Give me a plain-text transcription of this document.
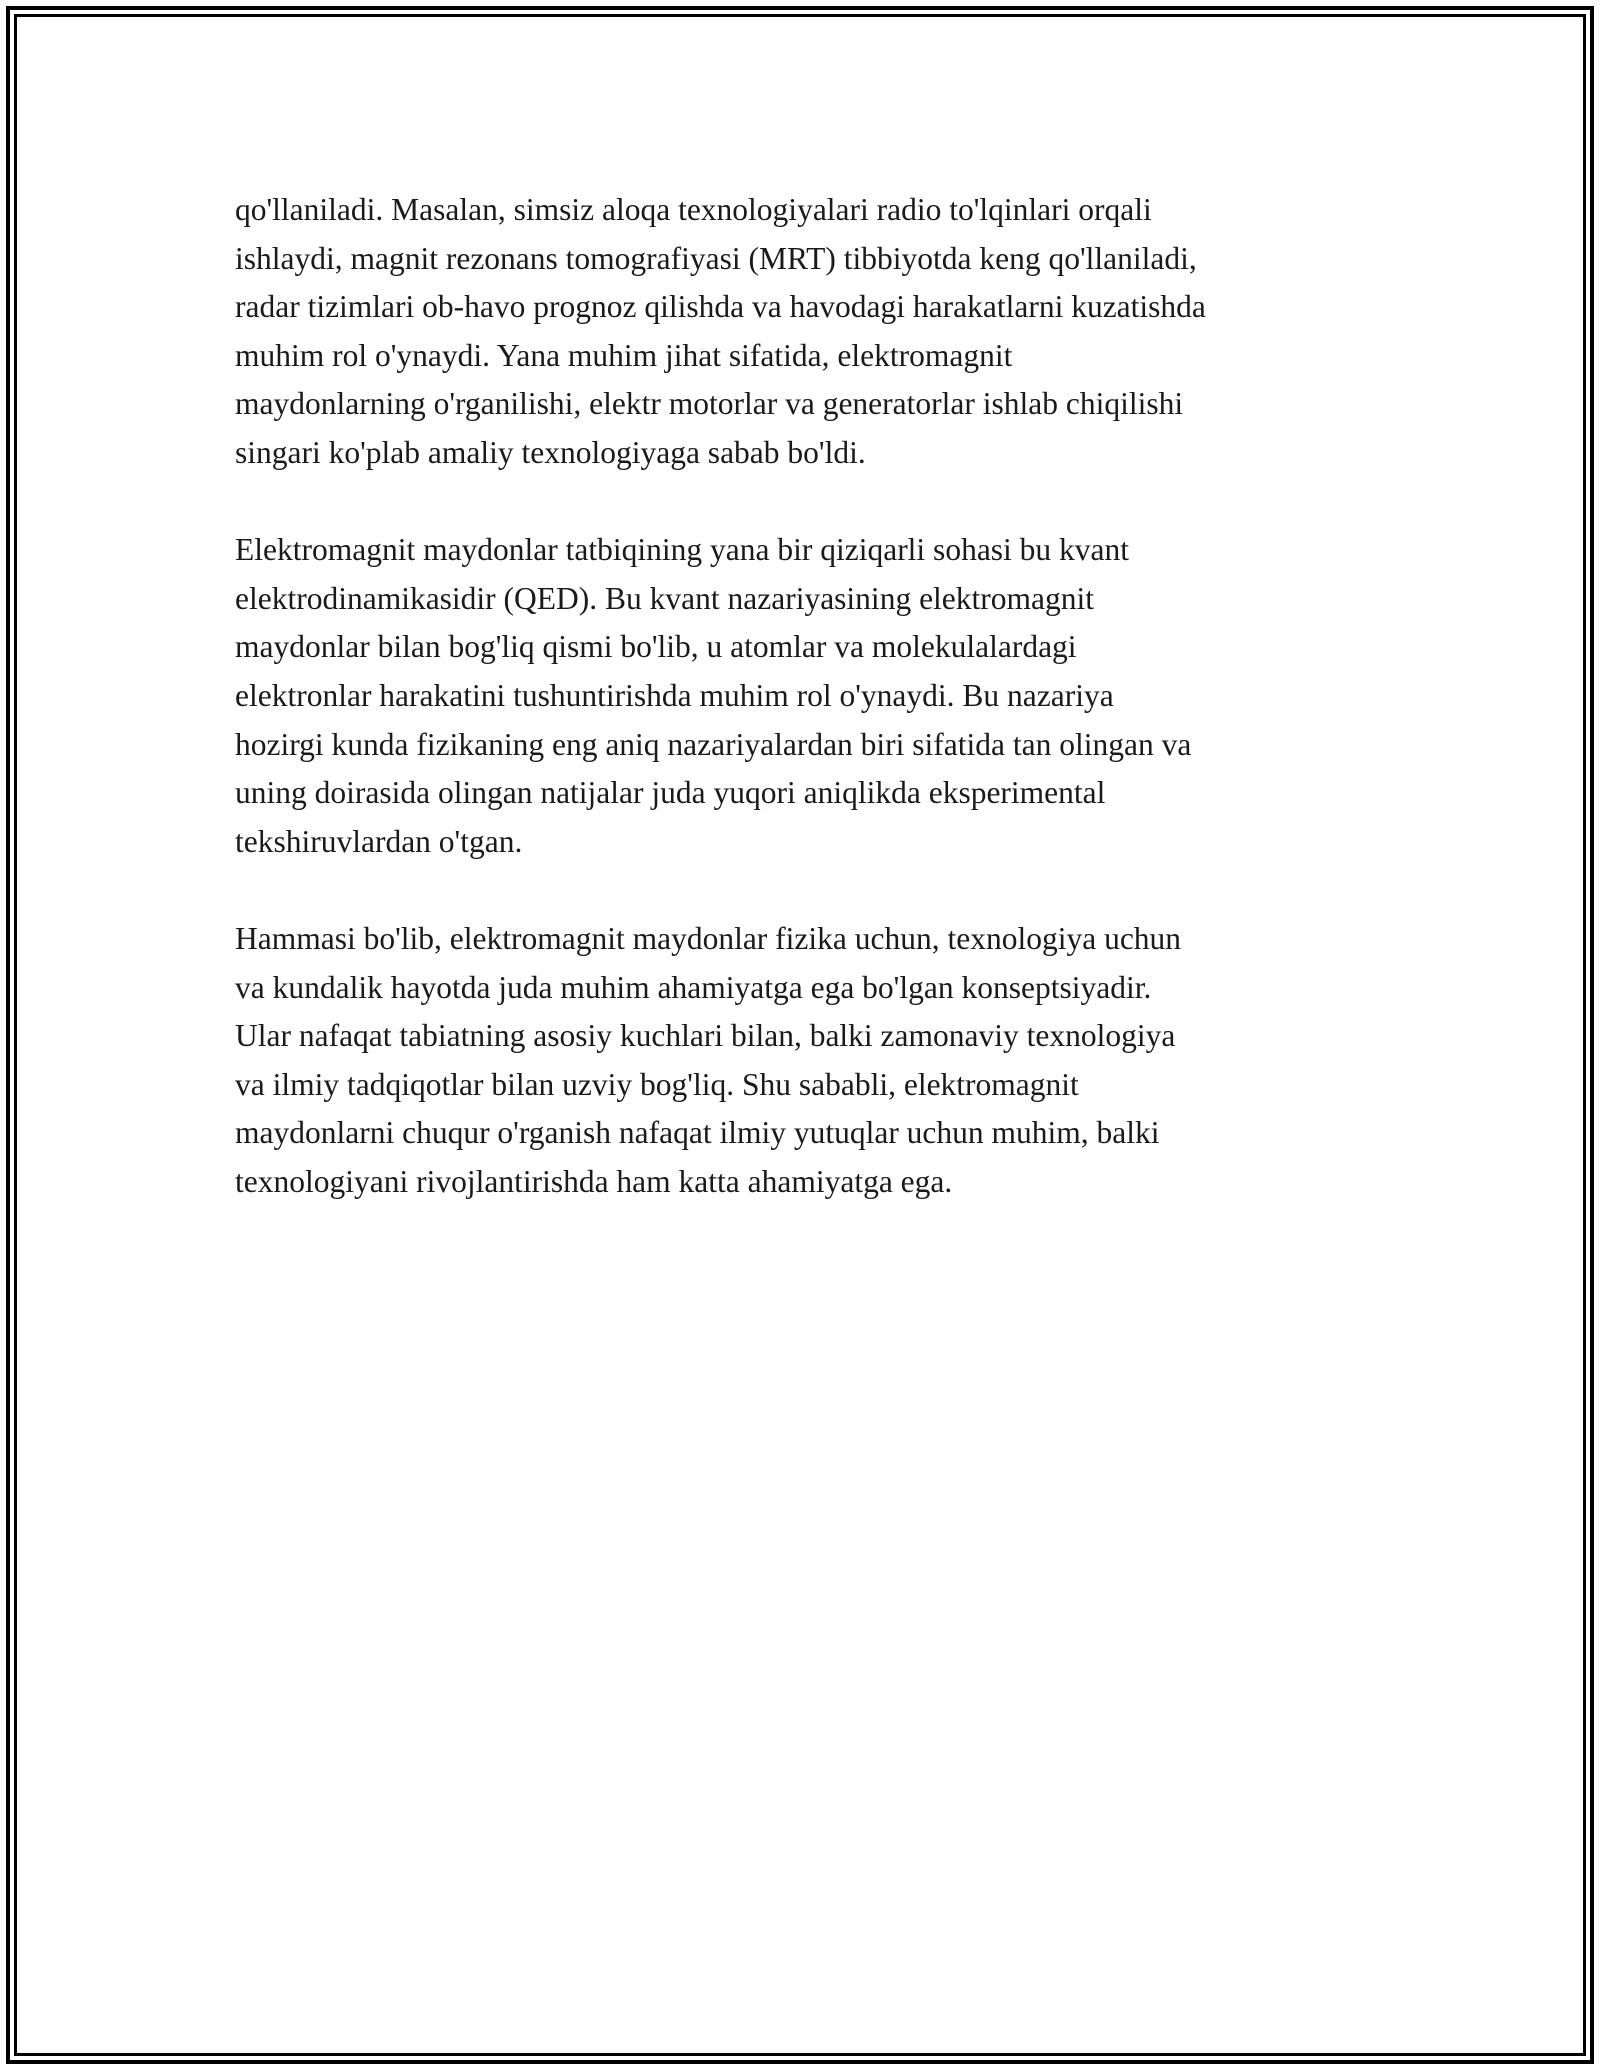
qo'llaniladi. Masalan, simsiz aloqa texnologiyalari radio to'lqinlari orqali
ishlaydi, magnit rezonans tomografiyasi (MRT) tibbiyotda keng qo'llaniladi,
radar tizimlari ob-havo prognoz qilishda va havodagi harakatlarni kuzatishda
muhim rol o'ynaydi. Yana muhim jihat sifatida, elektromagnit
maydonlarning o'rganilishi, elektr motorlar va generatorlar ishlab chiqilishi
singari ko'plab amaliy texnologiyaga sabab bo'ldi.

Elektromagnit maydonlar tatbiqining yana bir qiziqarli sohasi bu kvant
elektrodinamikasidir (QED). Bu kvant nazariyasining elektromagnit
maydonlar bilan bog'liq qismi bo'lib, u atomlar va molekulalardagi
elektronlar harakatini tushuntirishda muhim rol o'ynaydi. Bu nazariya
hozirgi kunda fizikaning eng aniq nazariyalardan biri sifatida tan olingan va
uning doirasida olingan natijalar juda yuqori aniqlikda eksperimental
tekshiruvlardan o'tgan.

Hammasi bo'lib, elektromagnit maydonlar fizika uchun, texnologiya uchun
va kundalik hayotda juda muhim ahamiyatga ega bo'lgan konseptsiyadir.
Ular nafaqat tabiatning asosiy kuchlari bilan, balki zamonaviy texnologiya
va ilmiy tadqiqotlar bilan uzviy bog'liq. Shu sababli, elektromagnit
maydonlarni chuqur o'rganish nafaqat ilmiy yutuqlar uchun muhim, balki
texnologiyani rivojlantirishda ham katta ahamiyatga ega.
